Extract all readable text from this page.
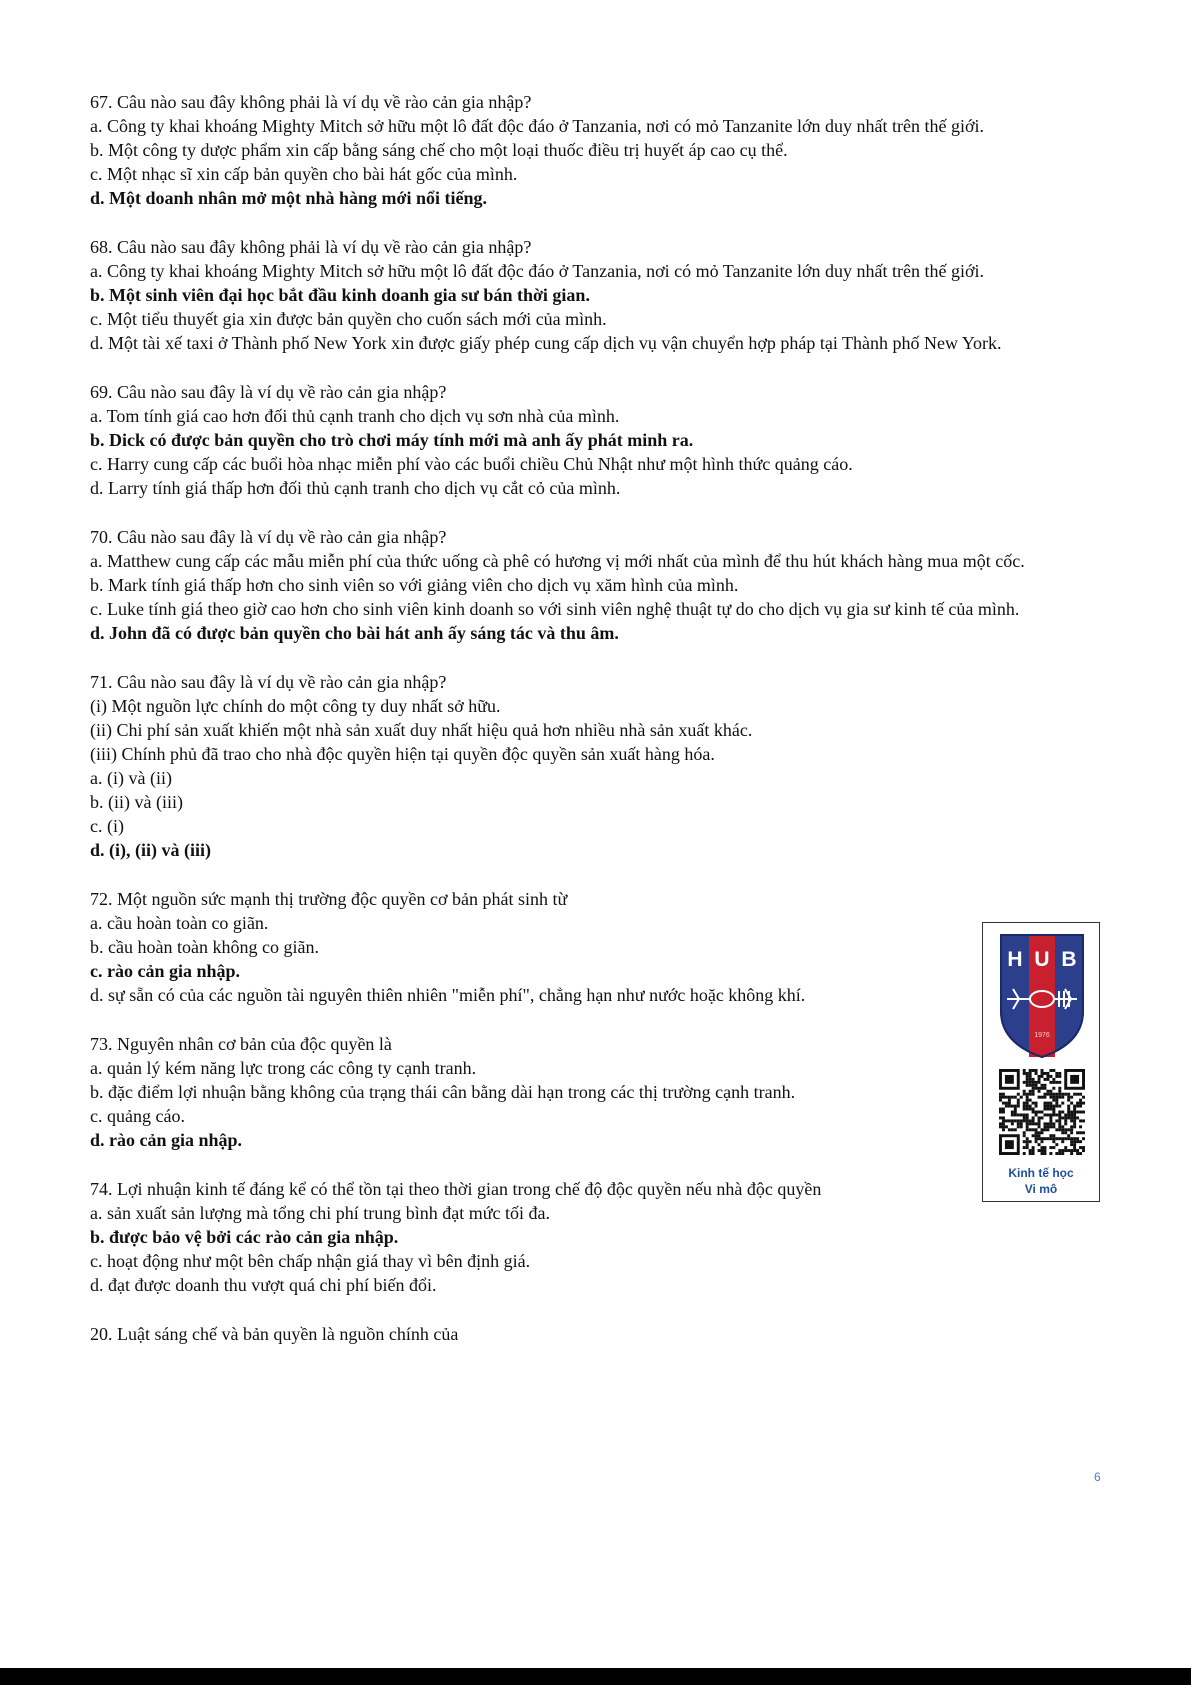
67. Câu nào sau đây không phải là ví dụ về rào cản gia nhập?

a. Công ty khai khoáng Mighty Mitch sở hữu một lô đất độc đáo ở Tanzania, nơi có mỏ Tanzanite lớn duy nhất trên thế giới.

b. Một công ty dược phẩm xin cấp bằng sáng chế cho một loại thuốc điều trị huyết áp cao cụ thể.

c. Một nhạc sĩ xin cấp bản quyền cho bài hát gốc của mình.

d. Một doanh nhân mở một nhà hàng mới nổi tiếng.

68. Câu nào sau đây không phải là ví dụ về rào cản gia nhập?

a. Công ty khai khoáng Mighty Mitch sở hữu một lô đất độc đáo ở Tanzania, nơi có mỏ Tanzanite lớn duy nhất trên thế giới.

b. Một sinh viên đại học bắt đầu kinh doanh gia sư bán thời gian.

c. Một tiểu thuyết gia xin được bản quyền cho cuốn sách mới của mình.

d. Một tài xế taxi ở Thành phố New York xin được giấy phép cung cấp dịch vụ vận chuyển hợp pháp tại Thành phố New York.

69. Câu nào sau đây là ví dụ về rào cản gia nhập?

a. Tom tính giá cao hơn đối thủ cạnh tranh cho dịch vụ sơn nhà của mình.

b. Dick có được bản quyền cho trò chơi máy tính mới mà anh ấy phát minh ra.

c. Harry cung cấp các buổi hòa nhạc miễn phí vào các buổi chiều Chủ Nhật như một hình thức quảng cáo.

d. Larry tính giá thấp hơn đối thủ cạnh tranh cho dịch vụ cắt cỏ của mình.

70. Câu nào sau đây là ví dụ về rào cản gia nhập?

a. Matthew cung cấp các mẫu miễn phí của thức uống cà phê có hương vị mới nhất của mình để thu hút khách hàng mua một cốc.

b. Mark tính giá thấp hơn cho sinh viên so với giảng viên cho dịch vụ xăm hình của mình.

c. Luke tính giá theo giờ cao hơn cho sinh viên kinh doanh so với sinh viên nghệ thuật tự do cho dịch vụ gia sư kinh tế của mình.

d. John đã có được bản quyền cho bài hát anh ấy sáng tác và thu âm.

71. Câu nào sau đây là ví dụ về rào cản gia nhập?

(i) Một nguồn lực chính do một công ty duy nhất sở hữu.

(ii) Chi phí sản xuất khiến một nhà sản xuất duy nhất hiệu quả hơn nhiều nhà sản xuất khác.

(iii) Chính phủ đã trao cho nhà độc quyền hiện tại quyền độc quyền sản xuất hàng hóa.

a. (i) và (ii)

b. (ii) và (iii)

c. (i)

d. (i), (ii) và (iii)

72. Một nguồn sức mạnh thị trường độc quyền cơ bản phát sinh từ

a. cầu hoàn toàn co giãn.

b. cầu hoàn toàn không co giãn.

c. rào cản gia nhập.

d. sự sẵn có của các nguồn tài nguyên thiên nhiên "miễn phí", chẳng hạn như nước hoặc không khí.

73. Nguyên nhân cơ bản của độc quyền là

a. quản lý kém năng lực trong các công ty cạnh tranh.

b. đặc điểm lợi nhuận bằng không của trạng thái cân bằng dài hạn trong các thị trường cạnh tranh.

c. quảng cáo.

d. rào cản gia nhập.

74. Lợi nhuận kinh tế đáng kể có thể tồn tại theo thời gian trong chế độ độc quyền nếu nhà độc quyền

a. sản xuất sản lượng mà tổng chi phí trung bình đạt mức tối đa.

b. được bảo vệ bởi các rào cản gia nhập.

c. hoạt động như một bên chấp nhận giá thay vì bên định giá.

d. đạt được doanh thu vượt quá chi phí biến đổi.

20. Luật sáng chế và bản quyền là nguồn chính của

6
H U B
1976
Kinh tế học
Vi mô
